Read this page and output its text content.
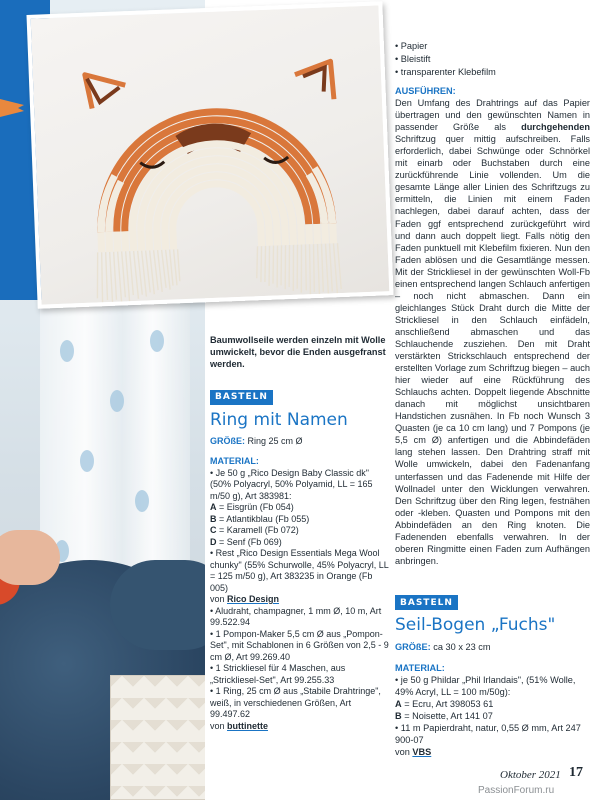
Baumwollseile werden einzeln mit Wolle umwickelt, bevor die Enden ausgefranst werden.
BASTELN
Ring mit Namen
GRÖßE: Ring 25 cm Ø
MATERIAL:
• Je 50 g „Rico Design Baby Classic dk" (50% Polyacryl, 50% Polyamid, LL = 165 m/50 g), Art 383981:
A = Eisgrün (Fb 054)
B = Atlantikblau (Fb 055)
C = Karamell (Fb 072)
D = Senf (Fb 069)
• Rest „Rico Design Essentials Mega Wool chunky" (55% Schurwolle, 45% Polyacryl, LL = 125 m/50 g), Art 383235 in Orange (Fb 005)
von Rico Design
• Aludraht, champagner, 1 mm Ø, 10 m, Art 99.522.94
• 1 Pompon-Maker 5,5 cm Ø aus „Pompon-Set", mit Schablonen in 6 Größen von 2,5 - 9 cm Ø, Art 99.269.40
• 1 Strickliesel für 4 Maschen, aus „Strickliesel-Set", Art 99.255.33
• 1 Ring, 25 cm Ø aus „Stabile Drahtringe", weiß, in verschiedenen Größen, Art 99.497.62
von buttinette
• Papier
• Bleistift
• transparenter Klebefilm
AUSFÜHREN:

Den Umfang des Drahtrings auf das Papier übertragen und den gewünschten Namen in passender Größe als durchgehenden Schriftzug quer mittig aufschreiben. Falls erforderlich, dabei Schwünge oder Schnörkel mit einarb oder Buchstaben durch eine zurückführende Linie vollenden. Um die gesamte Länge aller Linien des Schriftzugs zu ermitteln, die Linien mit einem Faden nachlegen, dabei darauf achten, dass der Faden ggf entsprechend zurückgeführt wird und dann auch doppelt liegt. Falls nötig den Faden punktuell mit Klebefilm fixieren. Nun den Faden ablösen und die Gesamtlänge messen. Mit der Strickliesel in der gewünschten Woll-Fb einen entsprechend langen Schlauch anfertigen – noch nicht abmaschen. Dann ein gleichlanges Stück Draht durch die Mitte der Strickliesel in den Schlauch einfädeln, anschließend abmaschen und das Schlauchende zusziehen. Den mit Draht verstärkten Strickschlauch entsprechend der erstellten Vorlage zum Schriftzug biegen – auch hier wieder auf eine Rückführung des Schlauchs achten. Doppelt liegende Abschnitte danach mit möglichst unsichtbaren Handstichen zusnähen. In Fb noch Wunsch 3 Quasten (je ca 10 cm lang) und 7 Pompons (je 5,5 cm Ø) anfertigen und die Abbindefäden lang stehen lassen. Den Drahtring straff mit Wolle umwickeln, dabei den Fadenanfang unterfassen und das Fadenende mit Hilfe der Wollnadel unter den Wicklungen verwahren. Den Schriftzug über den Ring legen, festnähen oder -kleben. Quasten und Pompons mit den Abbindefäden an den Ring knoten. Die Fadenenden ebenfalls verwahren. In der oberen Ringmitte einen Faden zum Aufhängen anbringen.

BASTELN
Seil-Bogen „Fuchs"
GRÖßE: ca 30 x 23 cm
MATERIAL:
• je 50 g Phildar „Phil Irlandais", (51% Wolle, 49% Acryl, LL = 100 m/50g):
A = Ecru, Art 398053 61
B = Noisette, Art 141 07
• 11 m Papierdraht, natur, 0,55 Ø mm, Art 247 900-07
von VBS
Oktober 2021 17
PassionForum.ru
